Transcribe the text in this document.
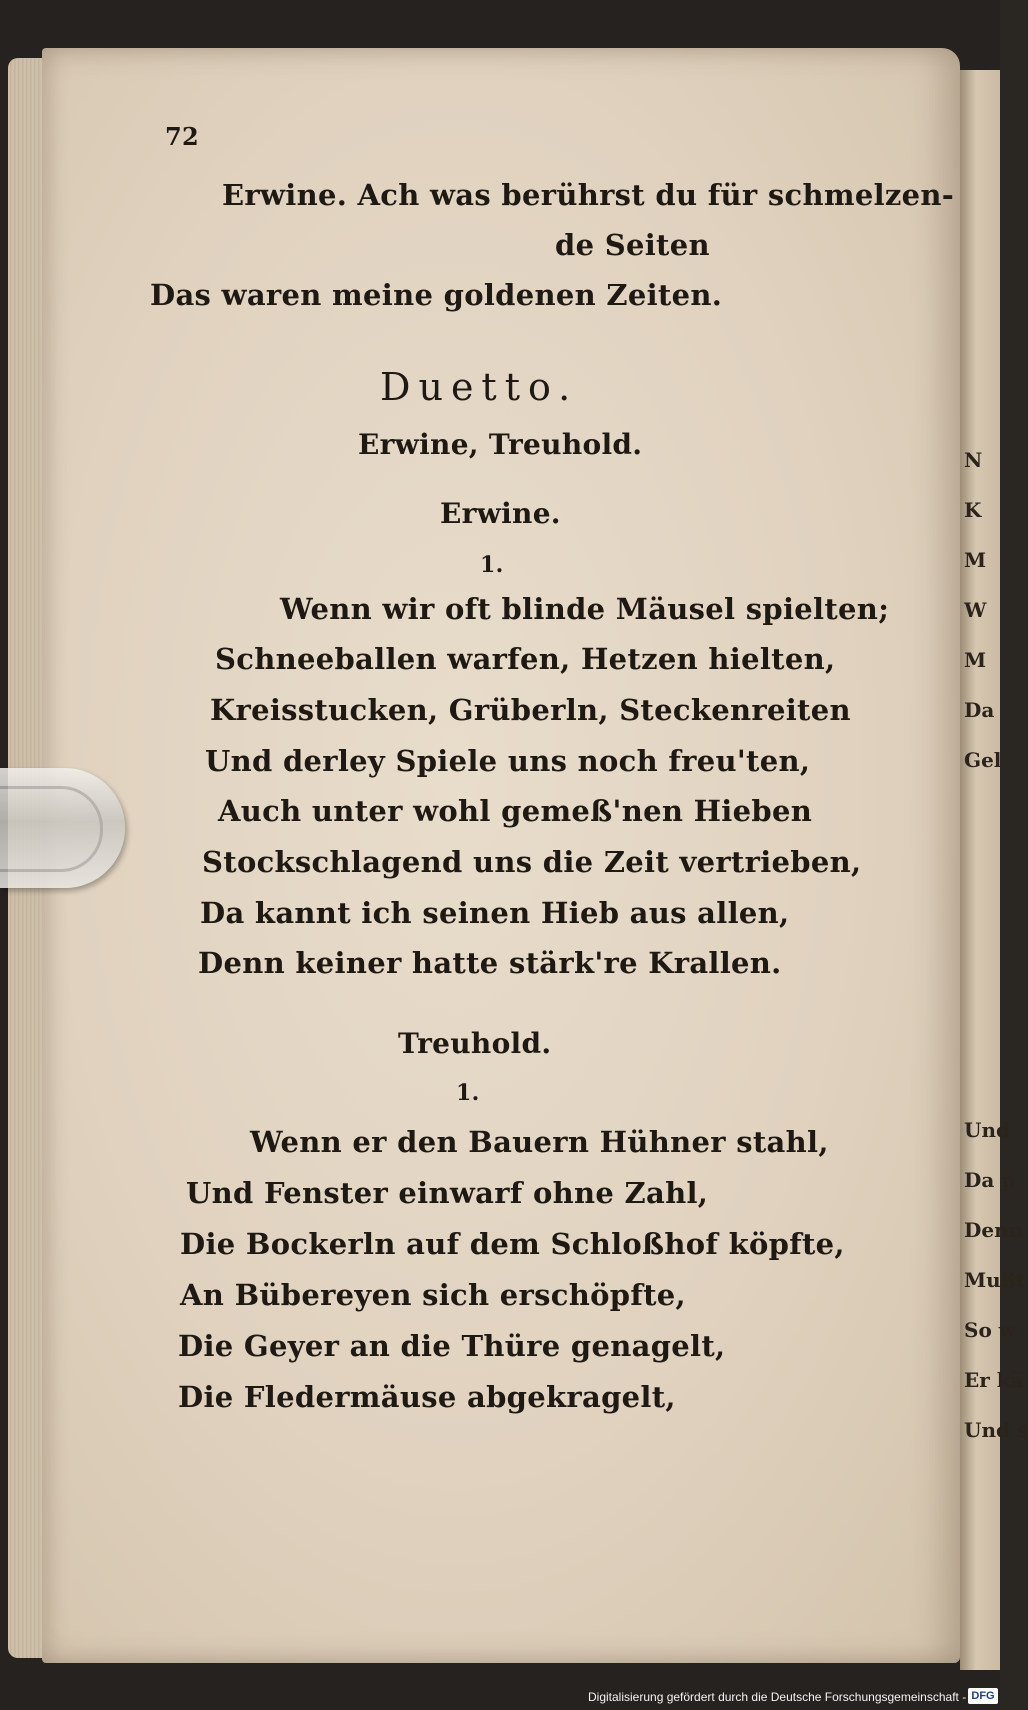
N
K
M
W
M
Da
Gel
Und
Da p
Denn
Mußt
So w
Er kä
Und s
72
Erwine. Ach was berührst du für schmelzen-
de Seiten
Das waren meine goldenen Zeiten.
Duetto.
Erwine, Treuhold.
Erwine.
1.
Wenn wir oft blinde Mäusel spielten;
Schneeballen warfen, Hetzen hielten,
Kreisstucken, Grüberln, Steckenreiten
Und derley Spiele uns noch freu'ten,
Auch unter wohl gemeß'nen Hieben
Stockschlagend uns die Zeit vertrieben,
Da kannt ich seinen Hieb aus allen,
Denn keiner hatte stärk're Krallen.
Treuhold.
1.
Wenn er den Bauern Hühner stahl,
Und Fenster einwarf ohne Zahl,
Die Bockerln auf dem Schloßhof köpfte,
An Bübereyen sich erschöpfte,
Die Geyer an die Thüre genagelt,
Die Fledermäuse abgekragelt,
Digitalisierung gefördert durch die Deutsche Forschungsgemeinschaft - DFG
